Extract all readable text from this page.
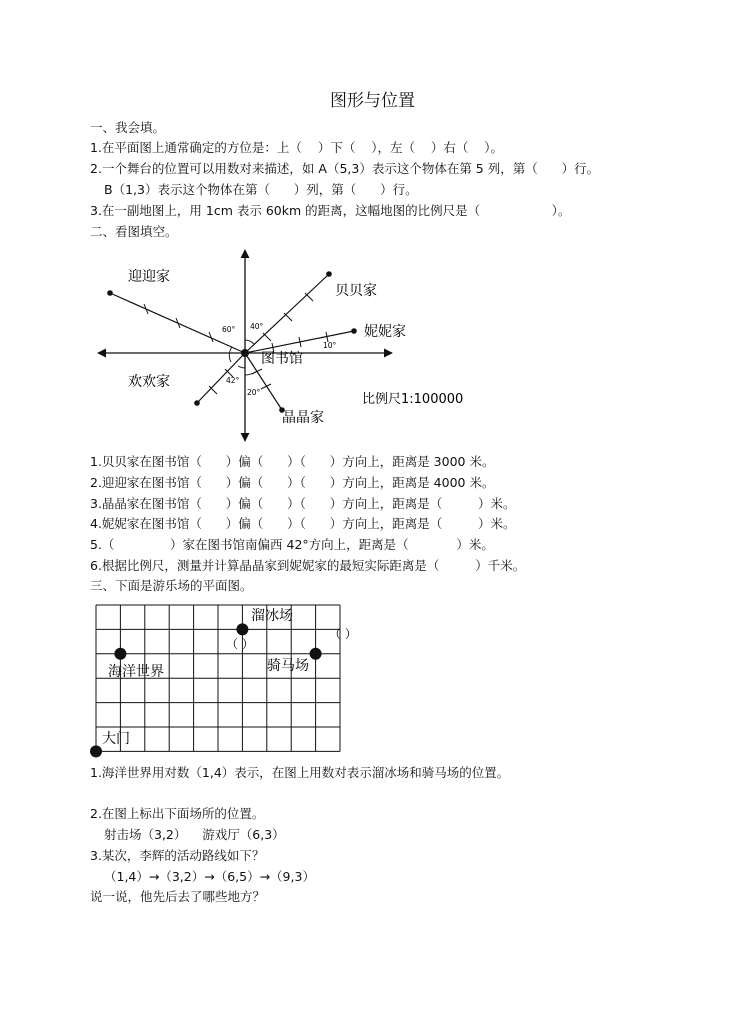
图形与位置
一、我会填。
1.在平面图上通常确定的方位是：上（    ）下（    ），左（    ）右（    ）。
2.一个舞台的位置可以用数对来描述，如 A（5,3）表示这个物体在第 5 列，第（      ）行。
B（1,3）表示这个物体在第（      ）列，第（      ）行。
3.在一副地图上，用 1cm 表示 60km 的距离，这幅地图的比例尺是（                  ）。
二、看图填空。
迎迎家
贝贝家
妮妮家
图书馆
欢欢家
晶晶家
比例尺1:100000
60° 40°
10°
42°
20°
1.贝贝家在图书馆（      ）偏（      ）（      ）方向上，距离是 3000 米。
2.迎迎家在图书馆（      ）偏（      ）（      ）方向上，距离是 4000 米。
3.晶晶家在图书馆（      ）偏（      ）（      ）方向上，距离是（         ）米。
4.妮妮家在图书馆（      ）偏（      ）（      ）方向上，距离是（         ）米。
5.（              ）家在图书馆南偏西 42°方向上，距离是（            ）米。
6.根据比例尺，测量并计算晶晶家到妮妮家的最短实际距离是（         ）千米。
三、下面是游乐场的平面图。
溜冰场
（ ）
（ ）
海洋世界	骑马场
大门
1.海洋世界用对数（1,4）表示，在图上用数对表示溜冰场和骑马场的位置。
2.在图上标出下面场所的位置。
射击场（3,2）    游戏厅（6,3）
3.某次，李辉的活动路线如下？
（1,4）→（3,2）→（6,5）→（9,3）
说一说，他先后去了哪些地方？
